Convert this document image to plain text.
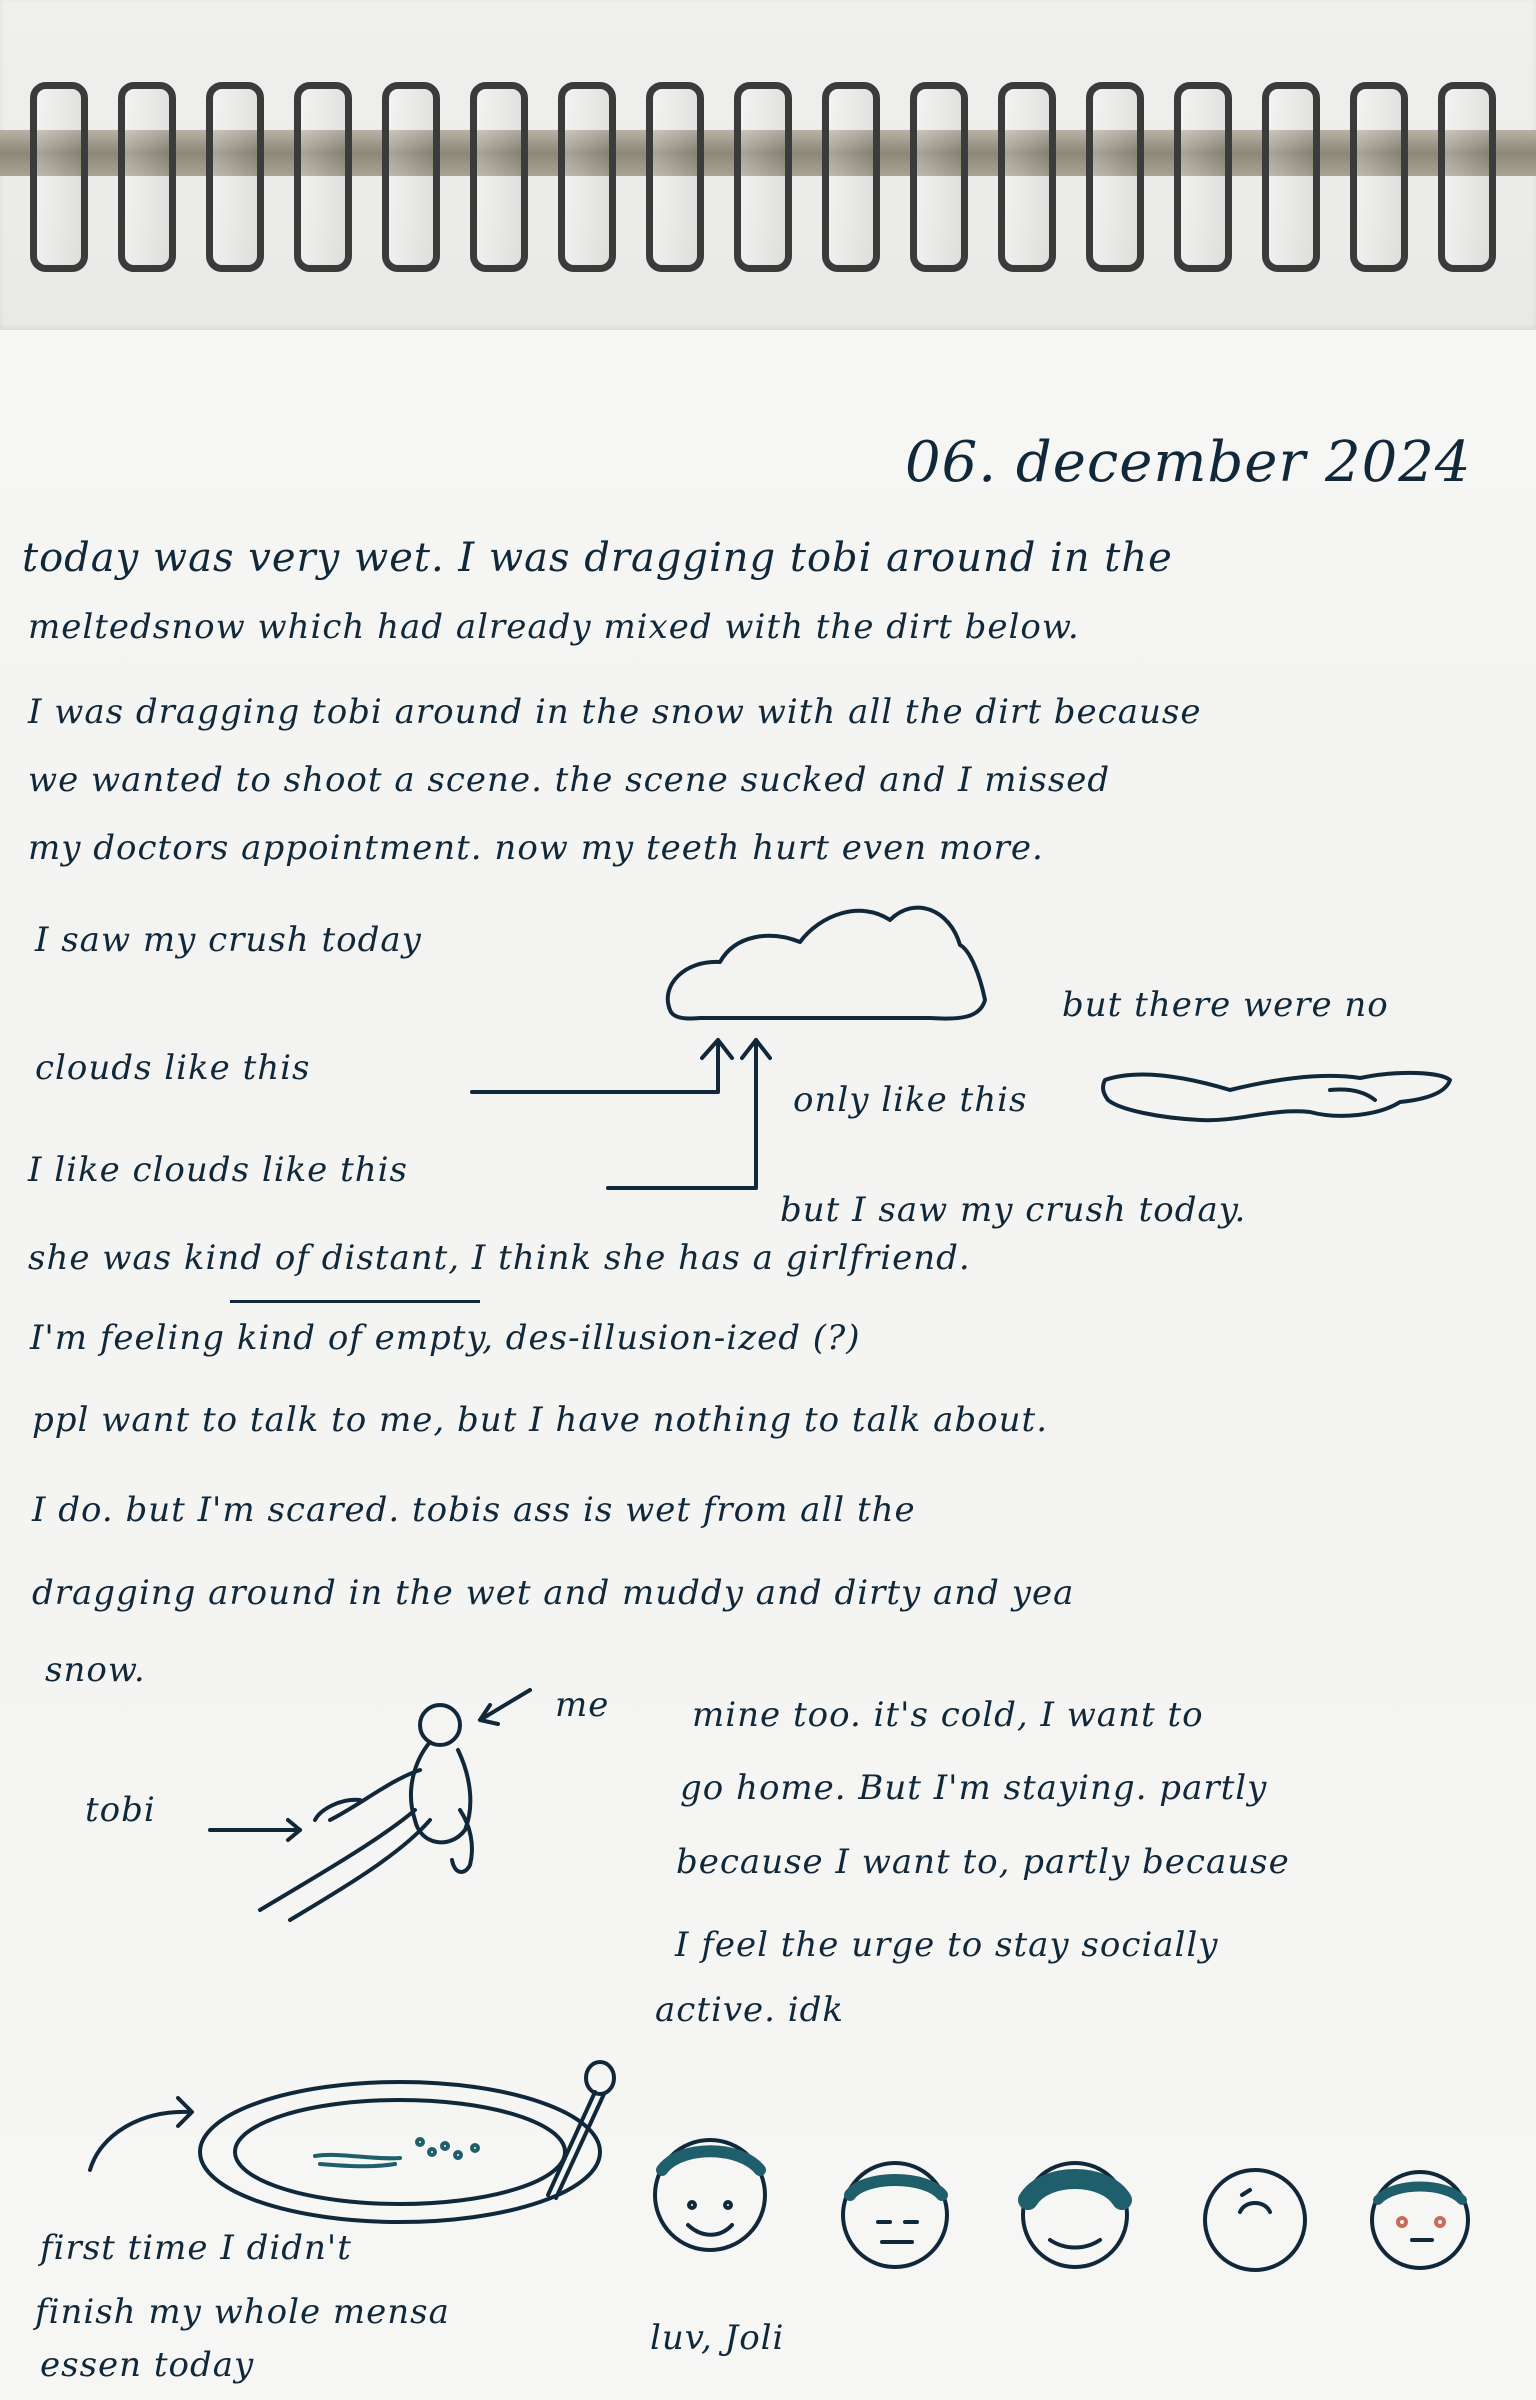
06. december 2024
today was very wet. I was dragging tobi around in the
meltedsnow which had already mixed with the dirt below.
I was dragging tobi around in the snow with all the dirt because
we wanted to shoot a scene. the scene sucked and I missed
my doctors appointment. now my teeth hurt even more.
I saw my crush today
but there were no
clouds like this
only like this
I like clouds like this
but I saw my crush today.
she was kind of distant, I think she has a girlfriend.
I'm feeling kind of empty, des-illusion-ized (?)
ppl want to talk to me, but I have nothing to talk about.
I do. but I'm scared. tobis ass is wet from all the
dragging around in the wet and muddy and dirty and yea
snow.
me
tobi
mine too. it's cold, I want to
go home. But I'm staying. partly
because I want to, partly because
I feel the urge to stay socially
active. idk
first time I didn't
finish my whole mensa
essen today
luv, Joli
